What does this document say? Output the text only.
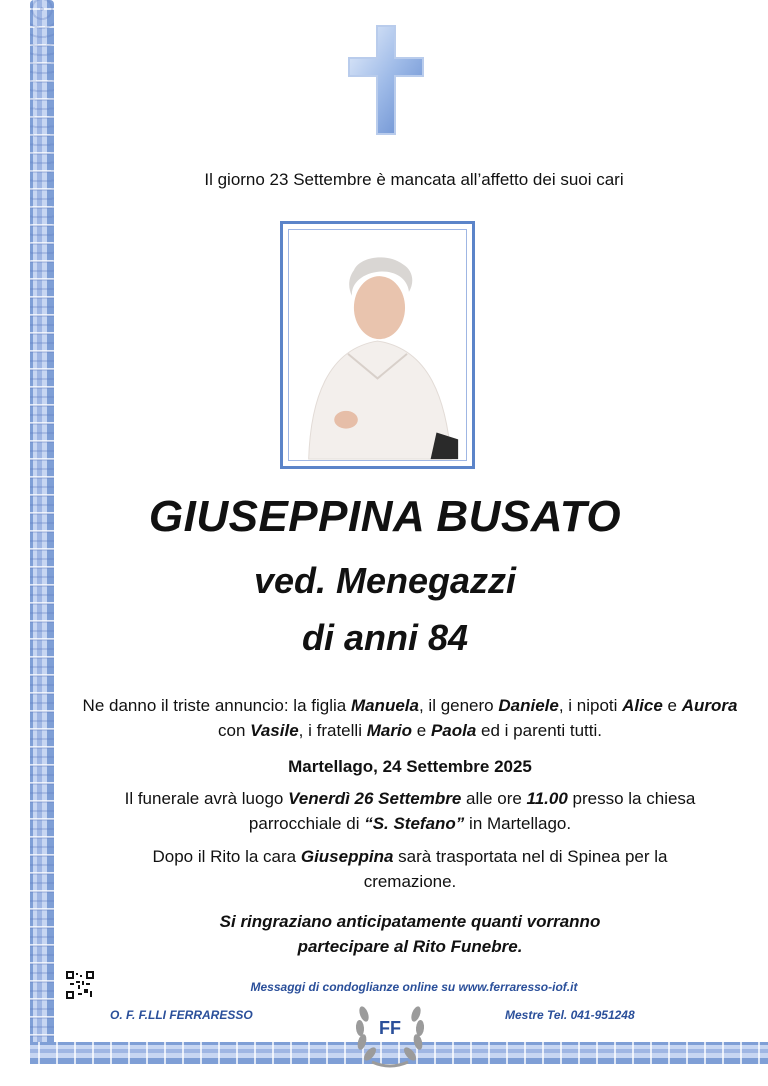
Il giorno 23 Settembre è mancata all’affetto dei suoi cari
GIUSEPPINA BUSATO
ved. Menegazzi
di anni 84
Ne danno il triste annuncio: la figlia Manuela, il genero Daniele, i nipoti Alice e Aurora con Vasile, i fratelli Mario e Paola ed i parenti tutti.
Martellago, 24 Settembre 2025
Il funerale avrà luogo Venerdì 26 Settembre alle ore 11.00 presso la chiesa parrocchiale di “S. Stefano” in Martellago.
Dopo il Rito la cara Giuseppina sarà trasportata nel di Spinea per la cremazione.
Si ringraziano anticipatamente quanti vorranno
partecipare al Rito Funebre.
Messaggi di condoglianze online su www.ferraresso-iof.it
O. F. F.LLI FERRARESSO	Mestre Tel. 041-951248
FF
